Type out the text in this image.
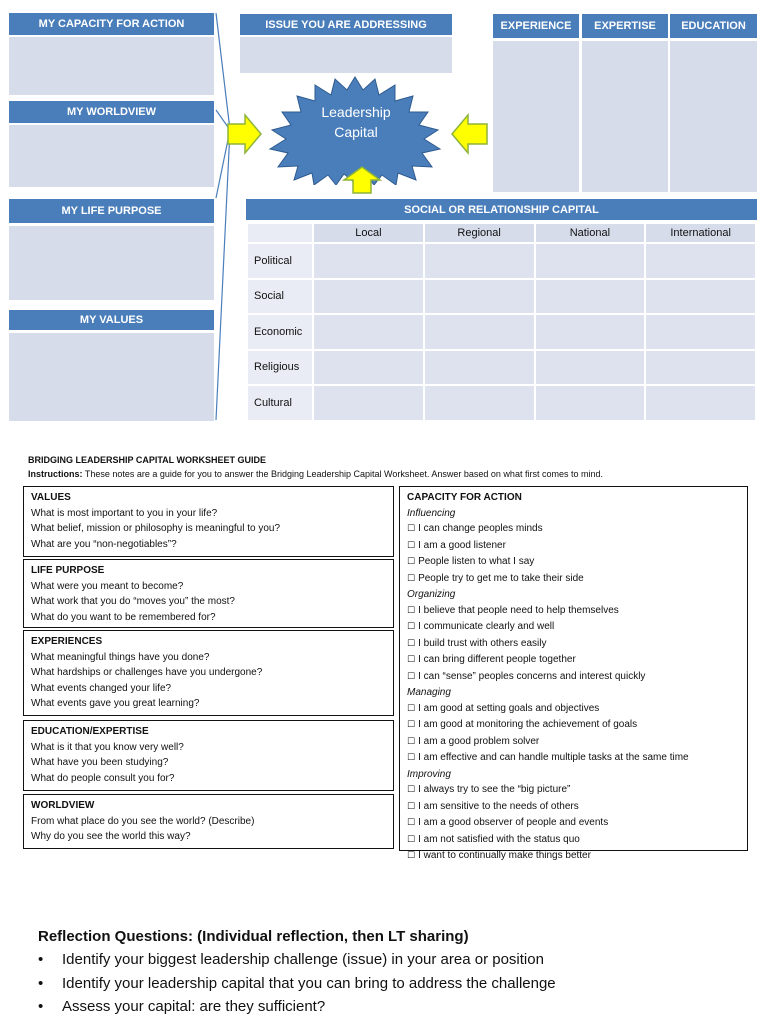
MY CAPACITY FOR ACTION
MY WORLDVIEW
MY LIFE PURPOSE
MY VALUES
ISSUE YOU ARE ADDRESSING
Leadership
Capital
EXPERIENCE	EXPERTISE	EDUCATION
SOCIAL OR RELATIONSHIP CAPITAL
	Local	Regional	National	International
Political				
Social				
Economic				
Religious				
Cultural				
BRIDGING LEADERSHIP CAPITAL WORKSHEET GUIDE
Instructions: These notes are a guide for you to answer the Bridging Leadership Capital Worksheet. Answer based on what first comes to mind.
VALUES
What is most important to you in your life?
What belief, mission or philosophy is meaningful to you?
What are you “non-negotiables”?
LIFE PURPOSE
What were you meant to become?
What work that you do “moves you” the most?
What do you want to be remembered for?
EXPERIENCES
What meaningful things have you done?
What hardships or challenges have you undergone?
What events changed your life?
What events gave you great learning?
EDUCATION/EXPERTISE
What is it that you know very well?
What have you been studying?
What do people consult you for?
WORLDVIEW
From what place do you see the world? (Describe)
Why do you see the world this way?
CAPACITY FOR ACTION
Influencing
☐ I can change peoples minds
☐ I am a good listener
☐ People listen to what I say
☐ People try to get me to take their side
Organizing
☐ I believe that people need to help themselves
☐ I communicate clearly and well
☐ I build trust with others easily
☐ I can bring different people together
☐ I can “sense” peoples concerns and interest quickly
Managing
☐ I am good at setting goals and objectives
☐ I am good at monitoring the achievement of goals
☐ I am a good problem solver
☐ I am effective and can handle multiple tasks at the same time
Improving
☐ I always try to see the “big picture”
☐ I am sensitive to the needs of others
☐ I am a good observer of people and events
☐ I am not satisfied with the status quo
☐ I want to continually make things better
Reflection Questions: (Individual reflection, then LT sharing)
• Identify your biggest leadership challenge (issue) in your area or position
• Identify your leadership capital that you can bring to address the challenge
• Assess your capital: are they sufficient?
